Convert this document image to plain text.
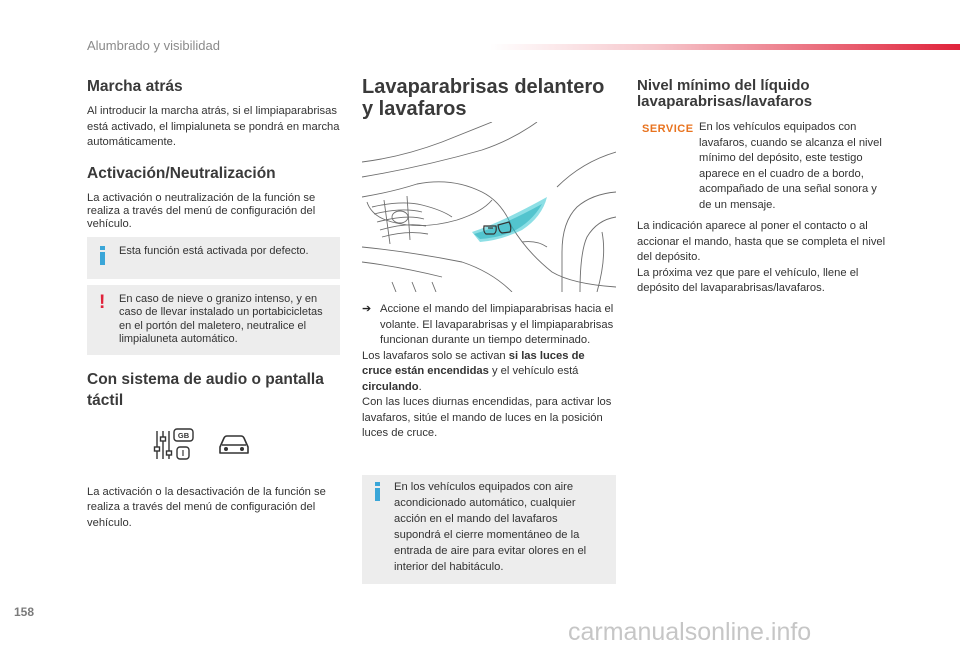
Alumbrado y visibilidad
Marcha atrás

Al introducir la marcha atrás, si el limpiaparabrisas está activado, el limpialuneta se pondrá en marcha automáticamente.

Activación/Neutralización

La activación o neutralización de la función se realiza a través del menú de configuración del vehículo.

Esta función está activada por defecto.
! En caso de nieve o granizo intenso, y en caso de llevar instalado un portabicicletas en el portón del maletero, neutralice el limpialuneta automático.
Con sistema de audio o pantalla táctil
GB
I

La activación o la desactivación de la función se realiza a través del menú de configuración del vehículo.

Lavaparabrisas delantero y lavafaros
➔ Accione el mando del limpiaparabrisas hacia el volante. El lavaparabrisas y el limpiaparabrisas funcionan durante un tiempo determinado.

Los lavafaros solo se activan si las luces de cruce están encendidas y el vehículo está circulando.

Con las luces diurnas encendidas, para activar los lavafaros, sitúe el mando de luces en la posición luces de cruce.

En los vehículos equipados con aire acondicionado automático, cualquier acción en el mando del lavafaros supondrá el cierre momentáneo de la entrada de aire para evitar olores en el interior del habitáculo.
Nivel mínimo del líquido lavaparabrisas/lavafaros

En los vehículos equipados con lavafaros, cuando se alcanza el nivel mínimo del depósito, este testigo aparece en el cuadro de a bordo, acompañado de una señal sonora y de un mensaje.

La indicación aparece al poner el contacto o al accionar el mando, hasta que se completa el nivel del depósito.

La próxima vez que pare el vehículo, llene el depósito del lavaparabrisas/lavafaros.

SERVICE
158
carmanualsonline.info
